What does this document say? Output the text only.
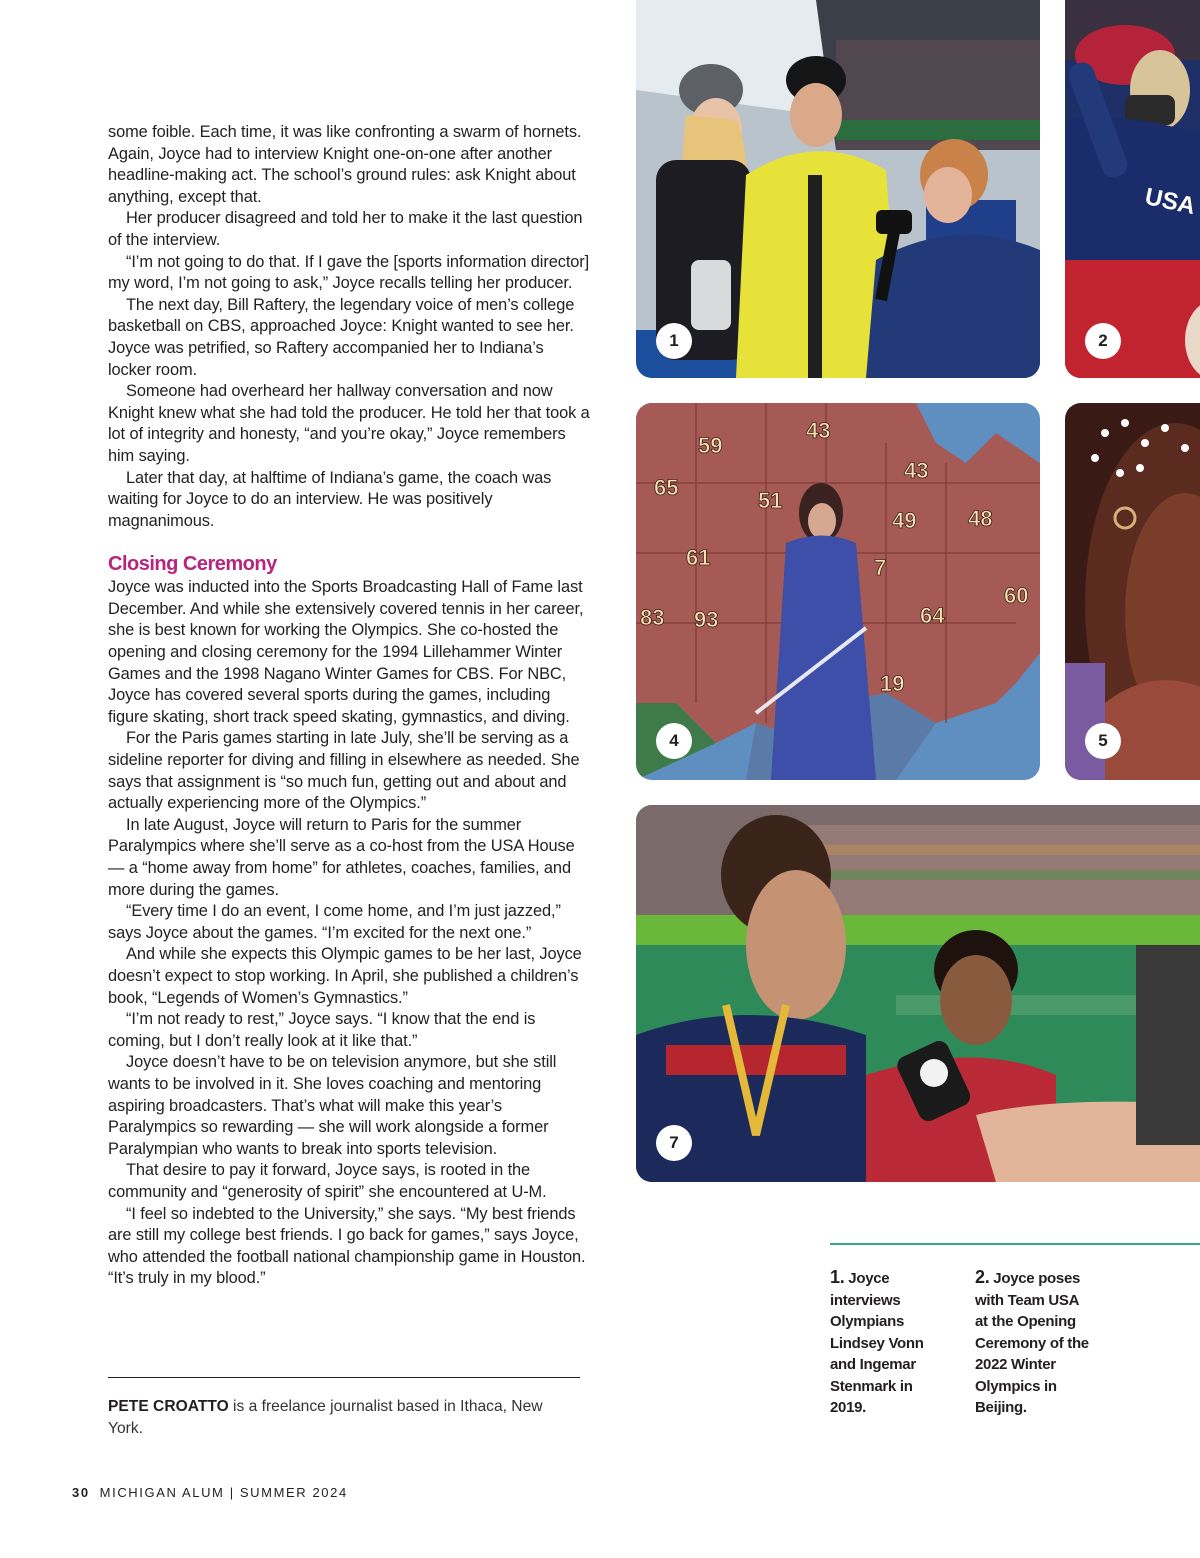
some foible. Each time, it was like confronting a swarm of hornets. Again, Joyce had to interview Knight one-on-one after another headline-making act. The school’s ground rules: ask Knight about anything, except that.

Her producer disagreed and told her to make it the last question of the interview.

“I’m not going to do that. If I gave the [sports information director] my word, I’m not going to ask,” Joyce recalls telling her producer.

The next day, Bill Raftery, the legendary voice of men’s college basketball on CBS, approached Joyce: Knight wanted to see her. Joyce was petrified, so Raftery accompanied her to Indiana’s locker room.

Someone had overheard her hallway conversation and now Knight knew what she had told the producer. He told her that took a lot of integrity and honesty, “and you’re okay,” Joyce remembers him saying.

Later that day, at halftime of Indiana’s game, the coach was waiting for Joyce to do an interview. He was positively magnanimous.

Closing Ceremony

Joyce was inducted into the Sports Broadcasting Hall of Fame last December. And while she extensively covered tennis in her career, she is best known for working the Olympics. She co-hosted the opening and closing ceremony for the 1994 Lillehammer Winter Games and the 1998 Nagano Winter Games for CBS. For NBC, Joyce has covered several sports during the games, including figure skating, short track speed skating, gymnastics, and diving.

For the Paris games starting in late July, she’ll be serving as a sideline reporter for diving and filling in elsewhere as needed. She says that assignment is “so much fun, getting out and about and actually experiencing more of the Olympics.”

In late August, Joyce will return to Paris for the summer Paralympics where she’ll serve as a co-host from the USA House — a “home away from home” for athletes, coaches, families, and more during the games.

“Every time I do an event, I come home, and I’m just jazzed,” says Joyce about the games. “I’m excited for the next one.”

And while she expects this Olympic games to be her last, Joyce doesn’t expect to stop working. In April, she published a children’s book, “Legends of Women’s Gymnastics.”

“I’m not ready to rest,” Joyce says. “I know that the end is coming, but I don’t really look at it like that.”

Joyce doesn’t have to be on television anymore, but she still wants to be involved in it. She loves coaching and mentoring aspiring broadcasters. That’s what will make this year’s Paralympics so rewarding — she will work alongside a former Paralympian who wants to break into sports television.

That desire to pay it forward, Joyce says, is rooted in the community and “generosity of spirit” she encountered at U-M.

“I feel so indebted to the University,” she says. “My best friends are still my college best friends. I go back for games,” says Joyce, who attended the football national championship game in Houston. “It’s truly in my blood.”

PETE CROATTO is a freelance journalist based in Ithaca, New York.
30 MICHIGAN ALUM | SUMMER 2024
1
USA
2
59
43
65
51
43
49 48
61
83 93	64
60
19
7
4	5
7
1. Joyce interviews Olympians Lindsey Vonn and Ingemar Stenmark in 2019.
2. Joyce poses with Team USA at the Opening Ceremony of the 2022 Winter Olympics in Beijing.
